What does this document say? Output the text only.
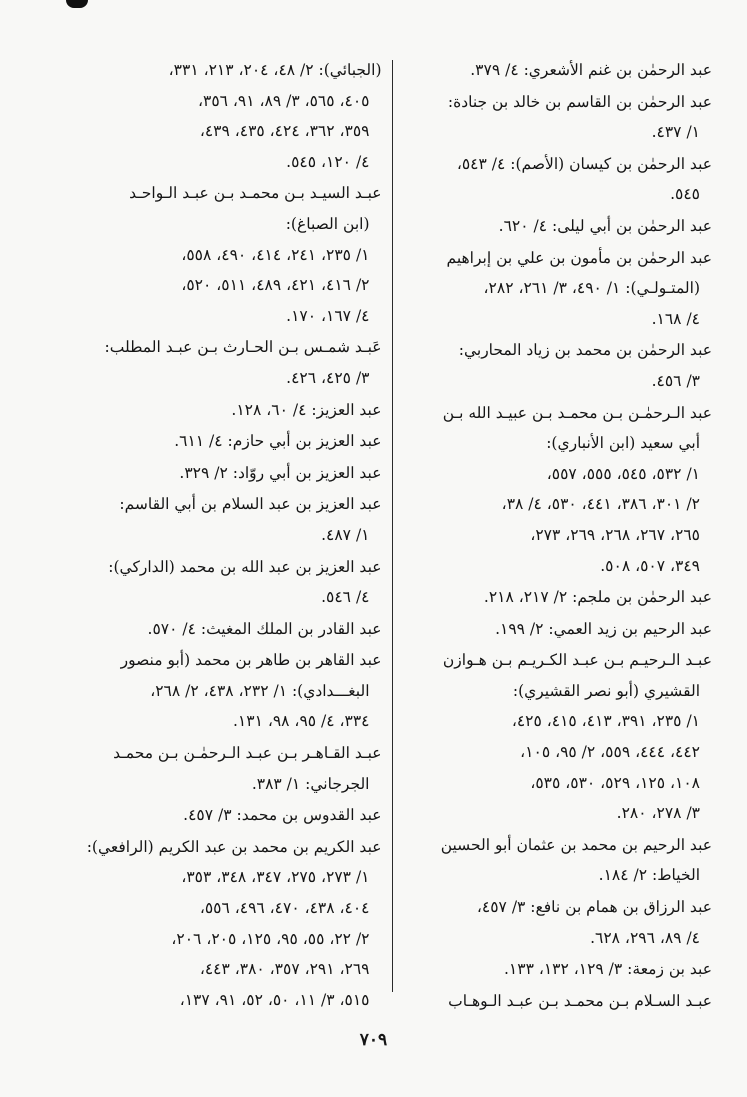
عبد الرحمٰن بن غنم الأشعري: ٤/ ٣٧٩.

عبد الرحمٰن بن القاسم بن خالد بن جنادة:

١/ ٤٣٧.

عبد الرحمٰن بن كيسان (الأصم): ٤/ ٥٤٣،

٥٤٥.

عبد الرحمٰن بن أبي ليلى: ٤/ ٦٢٠.

عبد الرحمٰن بن مأمون بن علي بن إبراهيم

(المتـولـي): ١/ ٤٩٠، ٣/ ٢٦١، ٢٨٢،

٤/ ١٦٨.

عبد الرحمٰن بن محمد بن زياد المحاربي:

٣/ ٤٥٦.

عبد الـرحمٰـن بـن محمـد بـن عبيـد الله بـن

أبي سعيد (ابن الأنباري):

١/ ٥٣٢، ٥٤٥، ٥٥٥، ٥٥٧،

٢/ ٣٠١، ٣٨٦، ٤٤١، ٥٣٠، ٤/ ٣٨،

٢٦٥، ٢٦٧، ٢٦٨، ٢٦٩، ٢٧٣،

٣٤٩، ٥٠٧، ٥٠٨.

عبد الرحمٰن بن ملجم: ٢/ ٢١٧، ٢١٨.

عبد الرحيم بن زيد العمي: ٢/ ١٩٩.

عبـد الـرحيـم بـن عبـد الكـريـم بـن هـوازن

القشيري (أبو نصر القشيري):

١/ ٢٣٥، ٣٩١، ٤١٣، ٤١٥، ٤٢٥،

٤٤٢، ٤٤٤، ٥٥٩، ٢/ ٩٥، ١٠٥،

١٠٨، ١٢٥، ٥٢٩، ٥٣٠، ٥٣٥،

٣/ ٢٧٨، ٢٨٠.

عبد الرحيم بن محمد بن عثمان أبو الحسين

الخياط: ٢/ ١٨٤.

عبد الرزاق بن همام بن نافع: ٣/ ٤٥٧،

٤/ ٨٩، ٢٩٦، ٦٢٨.

عبد بن زمعة: ٣/ ١٢٩، ١٣٢، ١٣٣.

عبـد السـلام بـن محمـد بـن عبـد الـوهـاب

(الجبائي): ٢/ ٤٨، ٢٠٤، ٢١٣، ٣٣١،

٤٠٥، ٥٦٥، ٣/ ٨٩، ٩١، ٣٥٦،

٣٥٩، ٣٦٢، ٤٢٤، ٤٣٥، ٤٣٩،

٤/ ١٢٠، ٥٤٥.

عبـد السيـد بـن محمـد بـن عبـد الـواحـد

(ابن الصباغ):

١/ ٢٣٥، ٢٤١، ٤١٤، ٤٩٠، ٥٥٨،

٢/ ٤١٦، ٤٢١، ٤٨٩، ٥١١، ٥٢٠،

٤/ ١٦٧، ١٧٠.

عَبـد شمـس بـن الحـارث بـن عبـد المطلب:

٣/ ٤٢٥، ٤٢٦.

عبد العزيز: ٤/ ٦٠، ١٢٨.

عبد العزيز بن أبي حازم: ٤/ ٦١١.

عبد العزيز بن أبي روّاد: ٢/ ٣٢٩.

عبد العزيز بن عبد السلام بن أبي القاسم:

١/ ٤٨٧.

عبد العزيز بن عبد الله بن محمد (الداركي):

٤/ ٥٤٦.

عبد القادر بن الملك المغيث: ٤/ ٥٧٠.

عبد القاهر بن طاهر بن محمد (أبو منصور

البغـــدادي): ١/ ٢٣٢، ٤٣٨، ٢/ ٢٦٨،

٣٣٤، ٤/ ٩٥، ٩٨، ١٣١.

عبـد القـاهـر بـن عبـد الـرحمٰـن بـن محمـد

الجرجاني: ١/ ٣٨٣.

عبد القدوس بن محمد: ٣/ ٤٥٧.

عبد الكريم بن محمد بن عبد الكريم (الرافعي):

١/ ٢٧٣، ٢٧٥، ٣٤٧، ٣٤٨، ٣٥٣،

٤٠٤، ٤٣٨، ٤٧٠، ٤٩٦، ٥٥٦،

٢/ ٢٢، ٥٥، ٩٥، ١٢٥، ٢٠٥، ٢٠٦،

٢٦٩، ٢٩١، ٣٥٧، ٣٨٠، ٤٤٣،

٥١٥، ٣/ ١١، ٥٠، ٥٢، ٩١، ١٣٧،

٧٠٩
